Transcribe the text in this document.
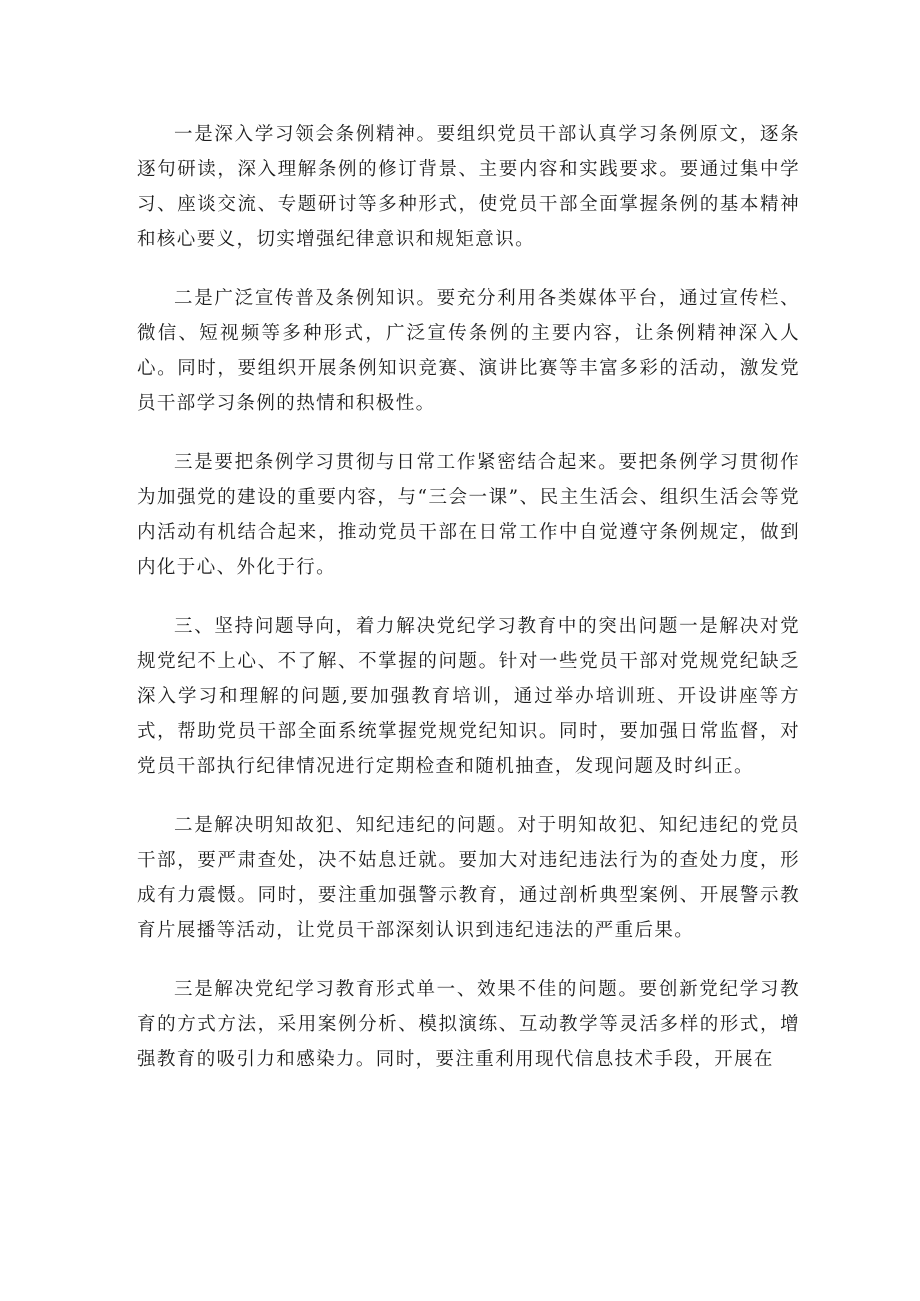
一是深入学习领会条例精神。要组织党员干部认真学习条例原文，逐条逐句研读，深入理解条例的修订背景、主要内容和实践要求。要通过集中学习、座谈交流、专题研讨等多种形式，使党员干部全面掌握条例的基本精神和核心要义，切实增强纪律意识和规矩意识。

二是广泛宣传普及条例知识。要充分利用各类媒体平台，通过宣传栏、微信、短视频等多种形式，广泛宣传条例的主要内容，让条例精神深入人心。同时，要组织开展条例知识竞赛、演讲比赛等丰富多彩的活动，激发党员干部学习条例的热情和积极性。

三是要把条例学习贯彻与日常工作紧密结合起来。要把条例学习贯彻作为加强党的建设的重要内容，与“三会一课”、民主生活会、组织生活会等党内活动有机结合起来，推动党员干部在日常工作中自觉遵守条例规定，做到内化于心、外化于行。

三、坚持问题导向，着力解决党纪学习教育中的突出问题一是解决对党规党纪不上心、不了解、不掌握的问题。针对一些党员干部对党规党纪缺乏深入学习和理解的问题,要加强教育培训，通过举办培训班、开设讲座等方式，帮助党员干部全面系统掌握党规党纪知识。同时，要加强日常监督，对党员干部执行纪律情况进行定期检查和随机抽查，发现问题及时纠正。

二是解决明知故犯、知纪违纪的问题。对于明知故犯、知纪违纪的党员干部，要严肃查处，决不姑息迁就。要加大对违纪违法行为的查处力度，形成有力震慑。同时，要注重加强警示教育，通过剖析典型案例、开展警示教育片展播等活动，让党员干部深刻认识到违纪违法的严重后果。

三是解决党纪学习教育形式单一、效果不佳的问题。要创新党纪学习教育的方式方法，采用案例分析、模拟演练、互动教学等灵活多样的形式，增强教育的吸引力和感染力。同时，要注重利用现代信息技术手段，开展在
